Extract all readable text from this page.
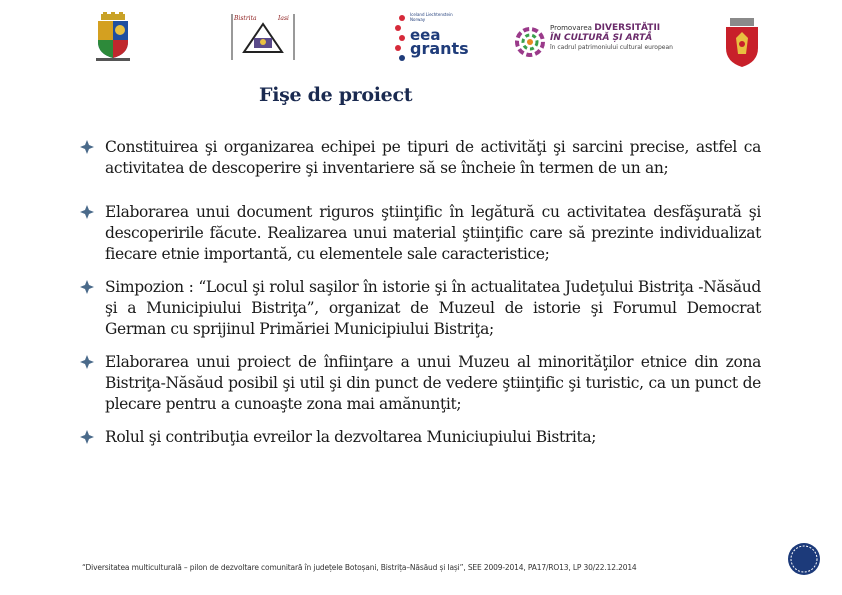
Bistrita	Iasi
Iceland Liechtenstein Norway
eea
grants
Promovarea DIVERSITĂȚII
ÎN CULTURĂ ȘI ARTĂ
în cadrul patrimoniului cultural european
Fişe de proiect
Constituirea şi organizarea echipei pe tipuri de activităţi şi sarcini precise, astfel ca activitatea de descoperire şi inventariere să se încheie în termen de un an;
Elaborarea unui document riguros ştiinţific în legătură cu activitatea desfăşurată şi descoperirile făcute. Realizarea unui material ştiinţific care să prezinte individualizat fiecare etnie importantă, cu elementele sale caracteristice;
Simpozion : “Locul şi rolul saşilor în istorie şi în actualitatea Judeţului Bistriţa -Năsăud şi a Municipiului Bistriţa”, organizat de Muzeul de istorie şi Forumul Democrat German cu sprijinul Primăriei Municipiului Bistriţa;
Elaborarea unui proiect de înfiinţare a unui Muzeu al minorităţilor etnice din zona Bistriţa-Năsăud posibil şi util şi din punct de vedere ştiinţific şi turistic, ca un punct de plecare pentru a cunoaşte zona mai amănunţit;
Rolul şi contribuţia evreilor la dezvoltarea Municiupiului Bistrita;
“Diversitatea multiculturală – pilon de dezvoltare comunitară în județele Botoșani, Bistrița–Năsăud și Iași”, SEE 2009-2014, PA17/RO13, LP 30/22.12.2014
